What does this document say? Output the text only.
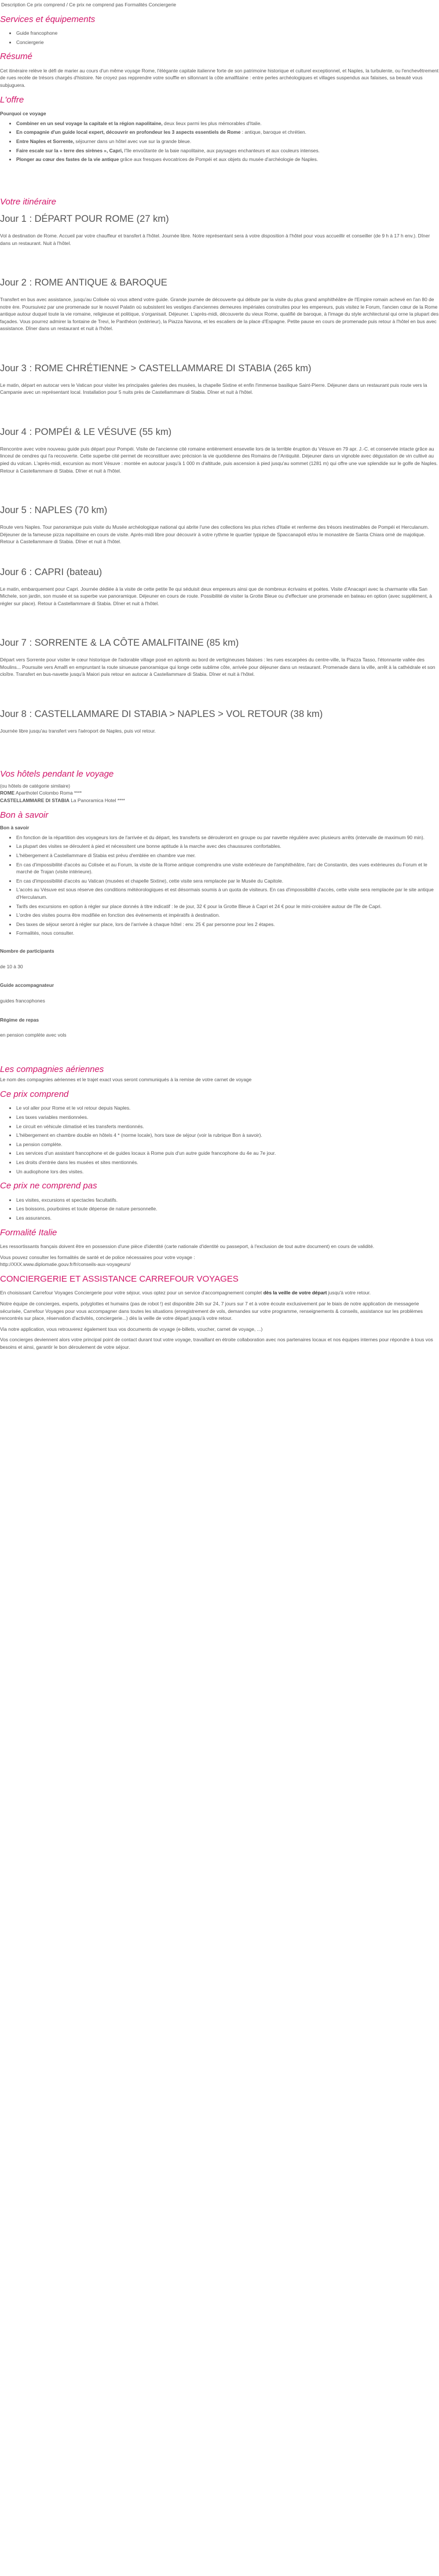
Description Ce prix comprend / Ce prix ne comprend pas Formalités Conciergerie

Services et équipements
• Guide francophone
• Conciergerie
Résumé

Cet itinéraire relève le défi de marier au cours d'un même voyage Rome, l'élégante capitale italienne forte de son patrimoine historique et culturel exceptionnel, et Naples, la turbulente, ou l'enchevêtrement de rues recèle de trésors chargés d'histoire. Ne croyez pas repprendre votre souffle en sillonnant la côte amalfitaine : entre perles archéologiques et villages suspendus aux falaises, sa beauté vous subjuguera.

L'offre

Pourquoi ce voyage

• Combiner en un seul voyage la capitale et la région napolitaine, deux lieux parmi les plus mémorables d'Italie.
• En compagnie d'un guide local expert, découvrir en profondeur les 3 aspects essentiels de Rome : antique, baroque et chrétien.
• Entre Naples et Sorrente, séjourner dans un hôtel avec vue sur la grande bleue.
• Faire escale sur la « terre des sirènes », Capri, l'île envoûtante de la baie napolitaine, aux paysages enchanteurs et aux couleurs intenses.
• Plonger au cœur des fastes de la vie antique grâce aux fresques évocatrices de Pompéi et aux objets du musée d'archéologie de Naples.
Votre itinéraire
Jour 1 : DÉPART POUR ROME (27 km)

Vol à destination de Rome. Accueil par votre chauffeur et transfert à l'hôtel. Journée libre. Notre représentant sera à votre disposition à l'hôtel pour vous accueillir et conseiller (de 9 h à 17 h env.). Dîner dans un restaurant. Nuit à l'hôtel.

Jour 2 : ROME ANTIQUE & BAROQUE

Transfert en bus avec assistance, jusqu'au Colisée où vous attend votre guide. Grande journée de découverte qui débute par la visite du plus grand amphithéâtre de l'Empire romain achevé en l'an 80 de notre ère. Poursuivez par une promenade sur le nouvel Palatin où subsistent les vestiges d'anciennes demeures impériales construites pour les empereurs, puis visitez le Forum, l'ancien cœur de la Rome antique autour duquel toute la vie romaine, religieuse et politique, s'organisait. Déjeuner. L'après-midi, découverte du vieux Rome, qualifié de baroque, à l'image du style architectural qui orne la plupart des façades. Vous pourrez admirer la fontaine de Trevi, le Panthéon (extérieur), la Piazza Navona, et les escaliers de la place d'Espagne. Petite pause en cours de promenade puis retour à l'hôtel en bus avec assistance. Dîner dans un restaurant et nuit à l'hôtel.

Jour 3 : ROME CHRÉTIENNE > CASTELLAMMARE DI STABIA (265 km)

Le matin, départ en autocar vers le Vatican pour visiter les principales galeries des musées, la chapelle Sixtine et enfin l'immense basilique Saint-Pierre. Déjeuner dans un restaurant puis route vers la Campanie avec un représentant local. Installation pour 5 nuits près de Castellammare di Stabia. Dîner et nuit à l'hôtel.

Jour 4 : POMPÉI & LE VÉSUVE (55 km)

Rencontre avec votre nouveau guide puis départ pour Pompéi. Visite de l'ancienne cité romaine entièrement ensevelie lors de la terrible éruption du Vésuve en 79 apr. J.-C. et conservée intacte grâce au linceul de cendres qui l'a recouverte. Cette superbe cité permet de reconstituer avec précision la vie quotidienne des Romains de l'Antiquité. Déjeuner dans un vignoble avec dégustation de vin cultivé au pied du volcan. L'après-midi, excursion au mont Vésuve : montée en autocar jusqu'à 1 000 m d'altitude, puis ascension à pied jusqu'au sommet (1281 m) qui offre une vue splendide sur le golfe de Naples. Retour à Castellammare di Stabia. Dîner et nuit à l'hôtel.

Jour 5 : NAPLES (70 km)

Route vers Naples. Tour panoramique puis visite du Musée archéologique national qui abrite l'une des collections les plus riches d'Italie et renferme des trésors inestimables de Pompéi et Herculanum. Déjeuner de la fameuse pizza napolitaine en cours de visite. Après-midi libre pour découvrir à votre rythme le quartier typique de Spaccanapoli et/ou le monastère de Santa Chiara orné de majolique. Retour à Castellammare di Stabia. Dîner et nuit à l'hôtel.

Jour 6 : CAPRI (bateau)

Le matin, embarquement pour Capri. Journée dédiée à la visite de cette petite île qui séduisit deux empereurs ainsi que de nombreux écrivains et poètes. Visite d'Anacapri avec la charmante villa San Michele, son jardin, son musée et sa superbe vue panoramique. Déjeuner en cours de route. Possibilité de visiter la Grotte Bleue ou d'effectuer une promenade en bateau en option (avec supplément, à régler sur place). Retour à Castellammare di Stabia. Dîner et nuit à l'hôtel.

Jour 7 : SORRENTE & LA CÔTE AMALFITAINE (85 km)

Départ vers Sorrente pour visiter le cœur historique de l'adorable village posé en aplomb au bord de vertigineuses falaises : les rues escarpées du centre-ville, la Piazza Tasso, l'étonnante vallée des Moulins... Poursuite vers Amalfi en empruntant la route sinueuse panoramique qui longe cette sublime côte, arrivée pour déjeuner dans un restaurant. Promenade dans la ville, arrêt à la cathédrale et son cloître. Transfert en bus-navette jusqu'à Maiori puis retour en autocar à Castellammare di Stabia. Dîner et nuit à l'hôtel.

Jour 8 : CASTELLAMMARE DI STABIA > NAPLES > VOL RETOUR (38 km)

Journée libre jusqu'au transfert vers l'aéroport de Naples, puis vol retour.

Vos hôtels pendant le voyage
(ou hôtels de catégorie similaire)
ROME Aparthotel Colombo Roma ****
CASTELLAMMARE DI STABIA La Panoramica Hotel ****
Bon à savoir

Bon à savoir

• En fonction de la répartition des voyageurs lors de l'arrivée et du départ, les transferts se dérouleront en groupe ou par navette régulière avec plusieurs arrêts (intervalle de maximum 90 min).
• La plupart des visites se déroulent à pied et nécessitent une bonne aptitude à la marche avec des chaussures confortables.
• L'hébergement à Castellammare di Stabia est prévu d'emblée en chambre vue mer.
• En cas d'impossibilité d'accès au Colisée et au Forum, la visite de la Rome antique comprendra une visite extérieure de l'amphithéâtre, l'arc de Constantin, des vues extérieures du Forum et le marché de Trajan (visite intérieure).
• En cas d'impossibilité d'accès au Vatican (musées et chapelle Sixtine), cette visite sera remplacée par le Musée du Capitole.
• L'accès au Vésuve est sous réserve des conditions météorologiques et est désormais soumis à un quota de visiteurs. En cas d'impossibilité d'accès, cette visite sera remplacée par le site antique d'Herculanum.
• Tarifs des excursions en option à régler sur place donnés à titre indicatif : le de jour, 32 € pour la Grotte Bleue à Capri et 24 € pour le mini-croisière autour de l'île de Capri.
• L'ordre des visites pourra être modifiée en fonction des événements et impératifs à destination.
• Des taxes de séjour seront à régler sur place, lors de l'arrivée à chaque hôtel : env. 25 € par personne pour les 2 étapes.
• Formalités, nous consulter.

Nombre de participants

de 10 à 30

Guide accompagnateur

guides francophones

Régime de repas

en pension complète avec vols

Les compagnies aériennes

Le nom des compagnies aériennes et le trajet exact vous seront communiqués à la remise de votre carnet de voyage

Ce prix comprend
• Le vol aller pour Rome et le vol retour depuis Naples.
• Les taxes variables mentionnées.
• Le circuit en véhicule climatisé et les transferts mentionnés.
• L'hébergement en chambre double en hôtels 4 * (norme locale), hors taxe de séjour (voir la rubrique Bon à savoir).
• La pension complète.
• Les services d'un assistant francophone et de guides locaux à Rome puis d'un autre guide francophone du 4e au 7e jour.
• Les droits d'entrée dans les musées et sites mentionnés.
• Un audiophone lors des visites.
Ce prix ne comprend pas
• Les visites, excursions et spectacles facultatifs.
• Les boissons, pourboires et toute dépense de nature personnelle.
• Les assurances.
Formalité Italie

Les ressortissants français doivent être en possession d'une pièce d'identité (carte nationale d'identité ou passeport, à l'exclusion de tout autre document) en cours de validité.

Vous pouvez consulter les formalités de santé et de police nécessaires pour votre voyage :

http://XXX.www.diplomatie.gouv.fr/fr/conseils-aux-voyageurs/

CONCIERGERIE ET ASSISTANCE CARREFOUR VOYAGES

En choisissant Carrefour Voyages Conciergerie pour votre séjour, vous optez pour un service d'accompagnement complet dès la veille de votre départ jusqu'à votre retour.

Notre équipe de concierges, experts, polyglottes et humains (pas de robot !) est disponible 24h sur 24, 7 jours sur 7 et à votre écoute exclusivement par le biais de notre application de messagerie sécurisée, Carrefour Voyages pour vous accompagner dans toutes les situations (enregistrement de vols, demandes sur votre programme, renseignements & conseils, assistance sur les problèmes rencontrés sur place, réservation d'activités, conciergerie...) dès la veille de votre départ jusqu'à votre retour.

Via notre application, vous retrouverez également tous vos documents de voyage (e-billets, voucher, carnet de voyage, ...)

Vos concierges deviennent alors votre principal point de contact durant tout votre voyage, travaillant en étroite collaboration avec nos partenaires locaux et nos équipes internes pour répondre à tous vos besoins et ainsi, garantir le bon déroulement de votre séjour.
